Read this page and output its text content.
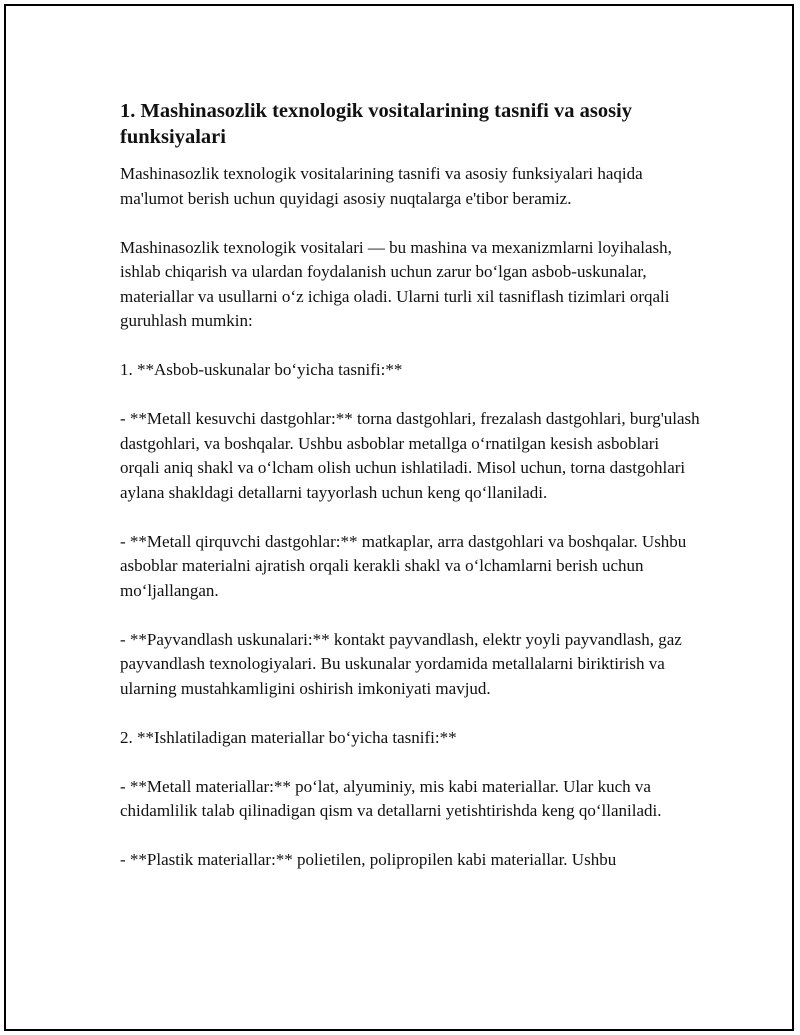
1. Mashinasozlik texnologik vositalarining tasnifi va asosiy funksiyalari

Mashinasozlik texnologik vositalarining tasnifi va asosiy funksiyalari haqida ma'lumot berish uchun quyidagi asosiy nuqtalarga e'tibor beramiz.

Mashinasozlik texnologik vositalari — bu mashina va mexanizmlarni loyihalash, ishlab chiqarish va ulardan foydalanish uchun zarur bo‘lgan asbob-uskunalar, materiallar va usullarni o‘z ichiga oladi. Ularni turli xil tasniflash tizimlari orqali guruhlash mumkin:

1. **Asbob-uskunalar bo‘yicha tasnifi:**

- **Metall kesuvchi dastgohlar:** torna dastgohlari, frezalash dastgohlari, burg'ulash dastgohlari, va boshqalar. Ushbu asboblar metallga o‘rnatilgan kesish asboblari orqali aniq shakl va o‘lcham olish uchun ishlatiladi. Misol uchun, torna dastgohlari aylana shakldagi detallarni tayyorlash uchun keng qo‘llaniladi.

- **Metall qirquvchi dastgohlar:** matkaplar, arra dastgohlari va boshqalar. Ushbu asboblar materialni ajratish orqali kerakli shakl va o‘lchamlarni berish uchun mo‘ljallangan.

- **Payvandlash uskunalari:** kontakt payvandlash, elektr yoyli payvandlash, gaz payvandlash texnologiyalari. Bu uskunalar yordamida metallalarni biriktirish va ularning mustahkamligini oshirish imkoniyati mavjud.

2. **Ishlatiladigan materiallar bo‘yicha tasnifi:**

- **Metall materiallar:** po‘lat, alyuminiy, mis kabi materiallar. Ular kuch va chidamlilik talab qilinadigan qism va detallarni yetishtirishda keng qo‘llaniladi.

- **Plastik materiallar:** polietilen, polipropilen kabi materiallar. Ushbu
